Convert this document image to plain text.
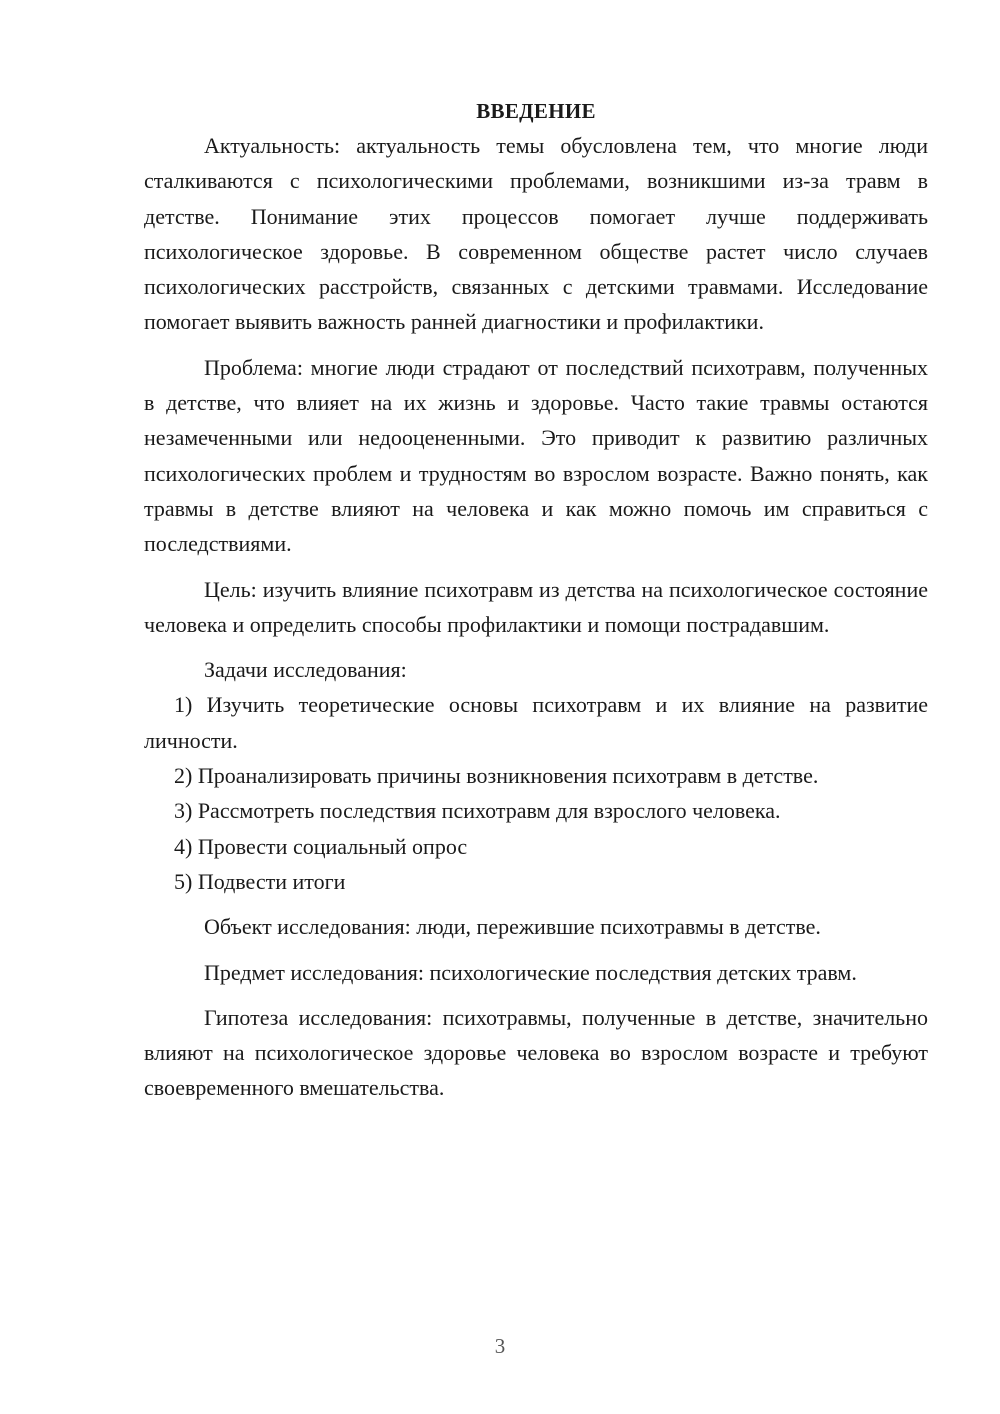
ВВЕДЕНИЕ

Актуальность: актуальность темы обусловлена тем, что многие люди сталкиваются с психологическими проблемами, возникшими из-за травм в детстве. Понимание этих процессов помогает лучше поддерживать психологическое здоровье. В современном обществе растет число случаев психологических расстройств, связанных с детскими травмами. Исследование помогает выявить важность ранней диагностики и профилактики.

Проблема: многие люди страдают от последствий психотравм, полученных в детстве, что влияет на их жизнь и здоровье. Часто такие травмы остаются незамеченными или недооцененными. Это приводит к развитию различных психологических проблем и трудностям во взрослом возрасте. Важно понять, как травмы в детстве влияют на человека и как можно помочь им справиться с последствиями.

Цель: изучить влияние психотравм из детства на психологическое состояние человека и определить способы профилактики и помощи пострадавшим.

Задачи исследования:

1) Изучить теоретические основы психотравм и их влияние на развитие личности.

2) Проанализировать причины возникновения психотравм в детстве.

3) Рассмотреть последствия психотравм для взрослого человека.

4) Провести социальный опрос

5) Подвести итоги

Объект исследования: люди, пережившие психотравмы в детстве.

Предмет исследования: психологические последствия детских травм.

Гипотеза исследования: психотравмы, полученные в детстве, значительно влияют на психологическое здоровье человека во взрослом возрасте и требуют своевременного вмешательства.

3
